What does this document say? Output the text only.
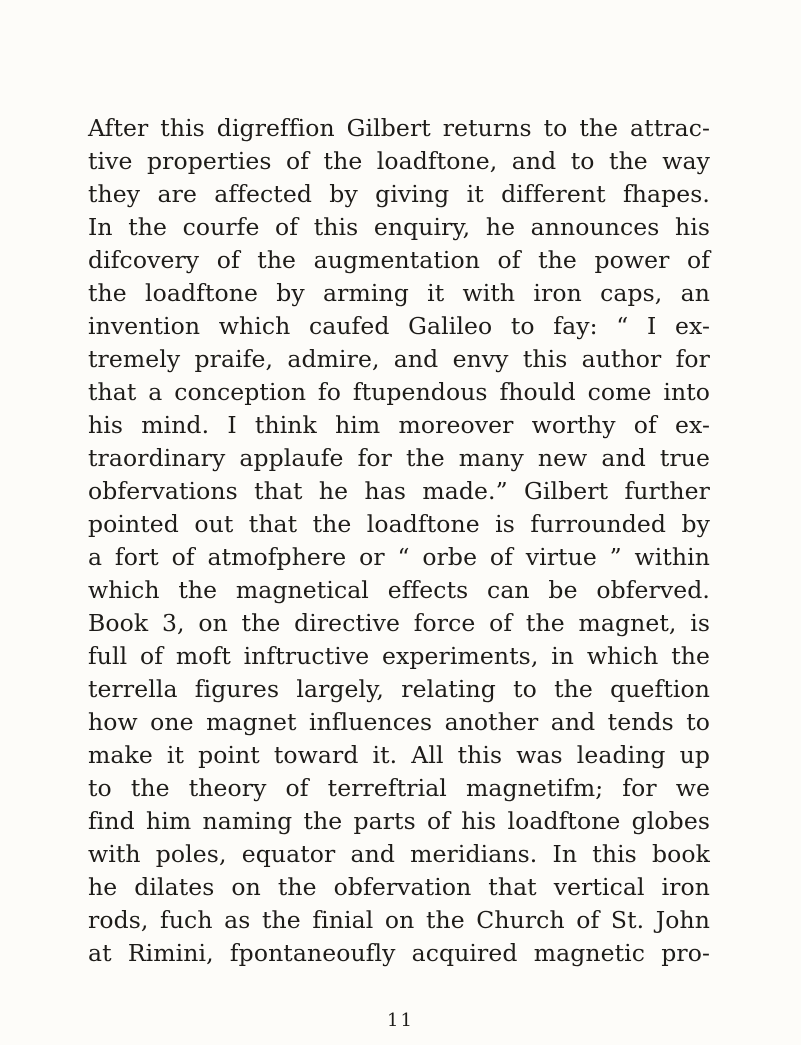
After this digreffion Gilbert returns to the attrac-
tive properties of the loadftone, and to the way
they are affected by giving it different fhapes.
In the courfe of this enquiry, he announces his
difcovery of the augmentation of the power of
the loadftone by arming it with iron caps, an
invention which caufed Galileo to fay: “ I ex-
tremely praife, admire, and envy this author for
that a conception fo ftupendous fhould come into
his mind. I think him moreover worthy of ex-
traordinary applaufe for the many new and true
obfervations that he has made.” Gilbert further
pointed out that the loadftone is furrounded by
a fort of atmofphere or “ orbe of virtue ” within
which the magnetical effects can be obferved.
Book 3, on the directive force of the magnet, is
full of moft inftructive experiments, in which the
terrella figures largely, relating to the queftion
how one magnet influences another and tends to
make it point toward it. All this was leading up
to the theory of terreftrial magnetifm; for we
find him naming the parts of his loadftone globes
with poles, equator and meridians. In this book
he dilates on the obfervation that vertical iron
rods, fuch as the finial on the Church of St. John
at Rimini, fpontaneoufly acquired magnetic pro-
11
